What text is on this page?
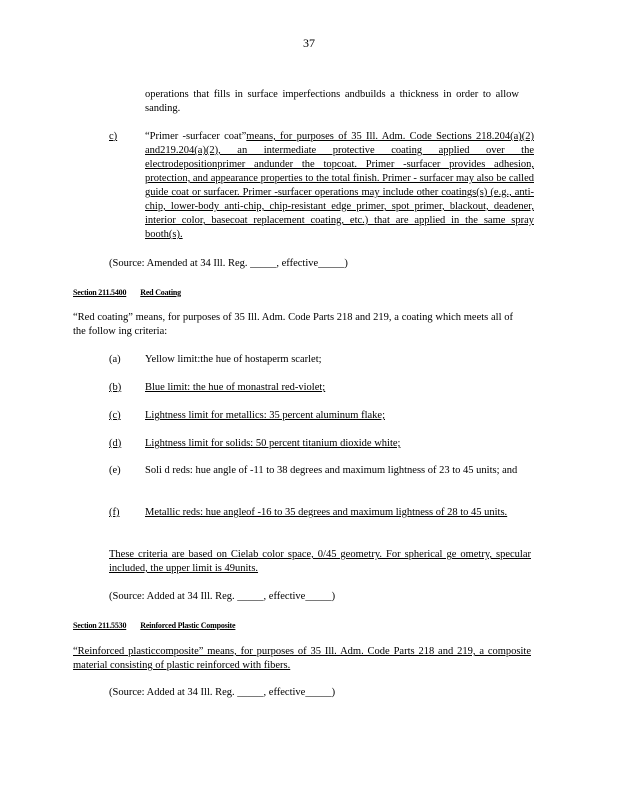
37

operations that fills in surface imperfections andbuilds a thickness in order to allow sanding.

c)	“Primer -surfacer coat”means, for purposes of 35 Ill. Adm. Code Sections 218.204(a)(2) and219.204(a)(2), an intermediate protective coating applied over the electrodepositionprimer andunder the topcoat. Primer -surfacer provides adhesion, protection, and appearance properties to the total finish. Primer - surfacer may also be called guide coat or surfacer. Primer -surfacer operations may include other coatings(s) (e.g., anti-chip, lower-body anti-chip, chip-resistant edge primer, spot primer, blackout, deadener, interior color, basecoat replacement coating, etc.) that are applied in the same spray booth(s).

(Source: Amended at 34 Ill. Reg. _____, effective_____)
Section 211.5400 Red Coating

“Red coating” means, for purposes of 35 Ill. Adm. Code Parts 218 and 219, a coating which meets all of the follow ing criteria:

(a) Yellow limit:the hue of hostaperm scarlet;

(b) Blue limit: the hue of monastral red-violet;

(c) Lightness limit for metallics: 35 percent aluminum flake;

(d) Lightness limit for solids: 50 percent titanium dioxide white;

(e) Soli d reds: hue angle of -11 to 38 degrees and maximum lightness of 23 to 45 units; and

(f) Metallic reds: hue angleof -16 to 35 degrees and maximum lightness of 28 to 45 units.

These criteria are based on Cielab color space, 0/45 geometry. For spherical ge ometry, specular included, the upper limit is 49units.

(Source: Added at 34 Ill. Reg. _____, effective_____)
Section 211.5530 Reinforced Plastic Composite

“Reinforced plasticcomposite” means, for purposes of 35 Ill. Adm. Code Parts 218 and 219, a composite material consisting of plastic reinforced with fibers.

(Source: Added at 34 Ill. Reg. _____, effective_____)
